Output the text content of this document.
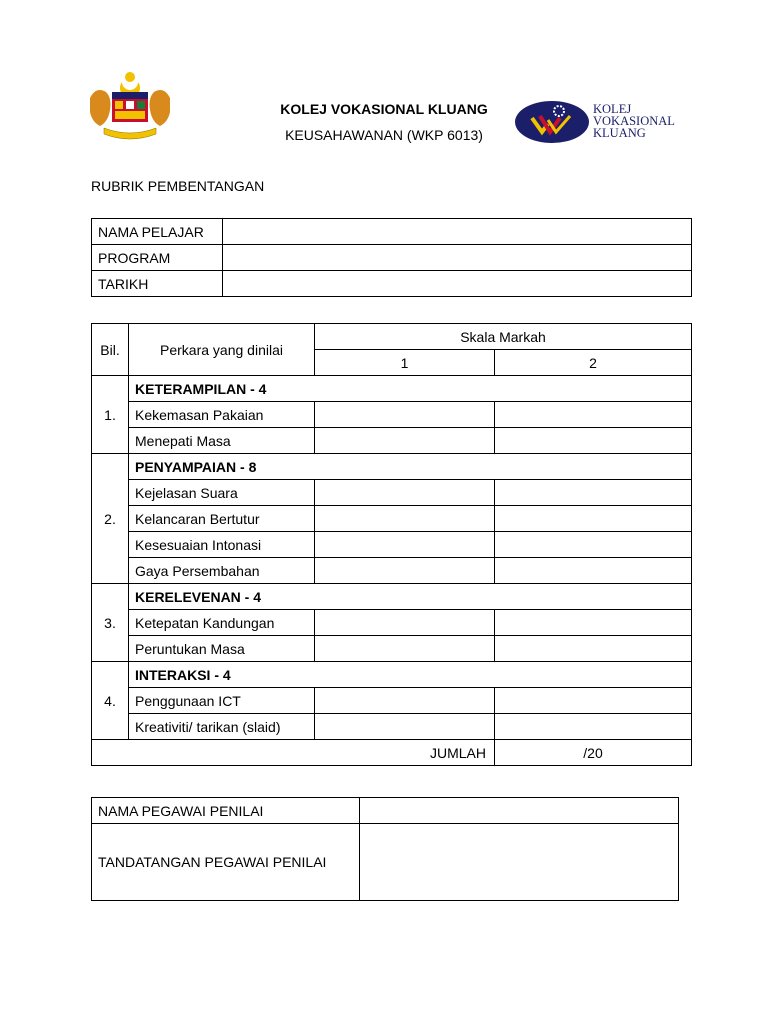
KOLEJ VOKASIONAL KLUANG
KEUSAHAWANAN (WKP 6013)
KOLEJ
VOKASIONAL
KLUANG
RUBRIK PEMBENTANGAN
NAMA PELAJAR	
PROGRAM	
TARIKH	
Bil.	Perkara yang dinilai	Skala Markah	
		1	2
1.	KETERAMPILAN - 4		
	Kekemasan Pakaian		
	Menepati Masa		
2.	PENYAMPAIAN - 8		
	Kejelasan Suara		
	Kelancaran Bertutur		
	Kesesuaian Intonasi		
	Gaya Persembahan		
3.	KERELEVENAN - 4		
	Ketepatan Kandungan		
	Peruntukan Masa		
4.	INTERAKSI - 4		
	Penggunaan ICT		
	Kreativiti/ tarikan (slaid)		
JUMLAH			/20
NAMA PEGAWAI PENILAI	
TANDATANGAN PEGAWAI PENILAI	
